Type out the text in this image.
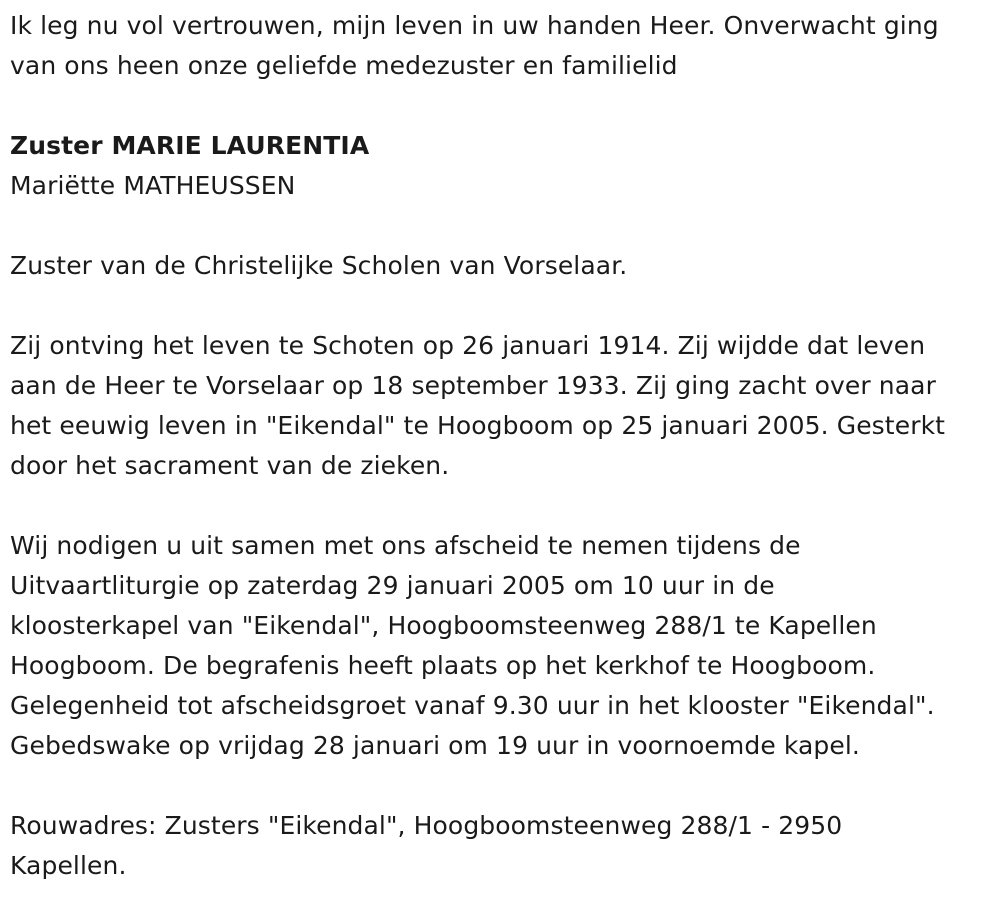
Ik leg nu vol vertrouwen, mijn leven in uw handen Heer. Onverwacht ging

van ons heen onze geliefde medezuster en familielid

Zuster MARIE LAURENTIA

Mariëtte MATHEUSSEN

Zuster van de Christelijke Scholen van Vorselaar.

Zij ontving het leven te Schoten op 26 januari 1914. Zij wijdde dat leven

aan de Heer te Vorselaar op 18 september 1933. Zij ging zacht over naar

het eeuwig leven in "Eikendal" te Hoogboom op 25 januari 2005. Gesterkt

door het sacrament van de zieken.

Wij nodigen u uit samen met ons afscheid te nemen tijdens de

Uitvaartliturgie op zaterdag 29 januari 2005 om 10 uur in de

kloosterkapel van "Eikendal", Hoogboomsteenweg 288/1 te Kapellen

Hoogboom. De begrafenis heeft plaats op het kerkhof te Hoogboom.

Gelegenheid tot afscheidsgroet vanaf 9.30 uur in het klooster "Eikendal".

Gebedswake op vrijdag 28 januari om 19 uur in voornoemde kapel.

Rouwadres: Zusters "Eikendal", Hoogboomsteenweg 288/1 - 2950

Kapellen.
